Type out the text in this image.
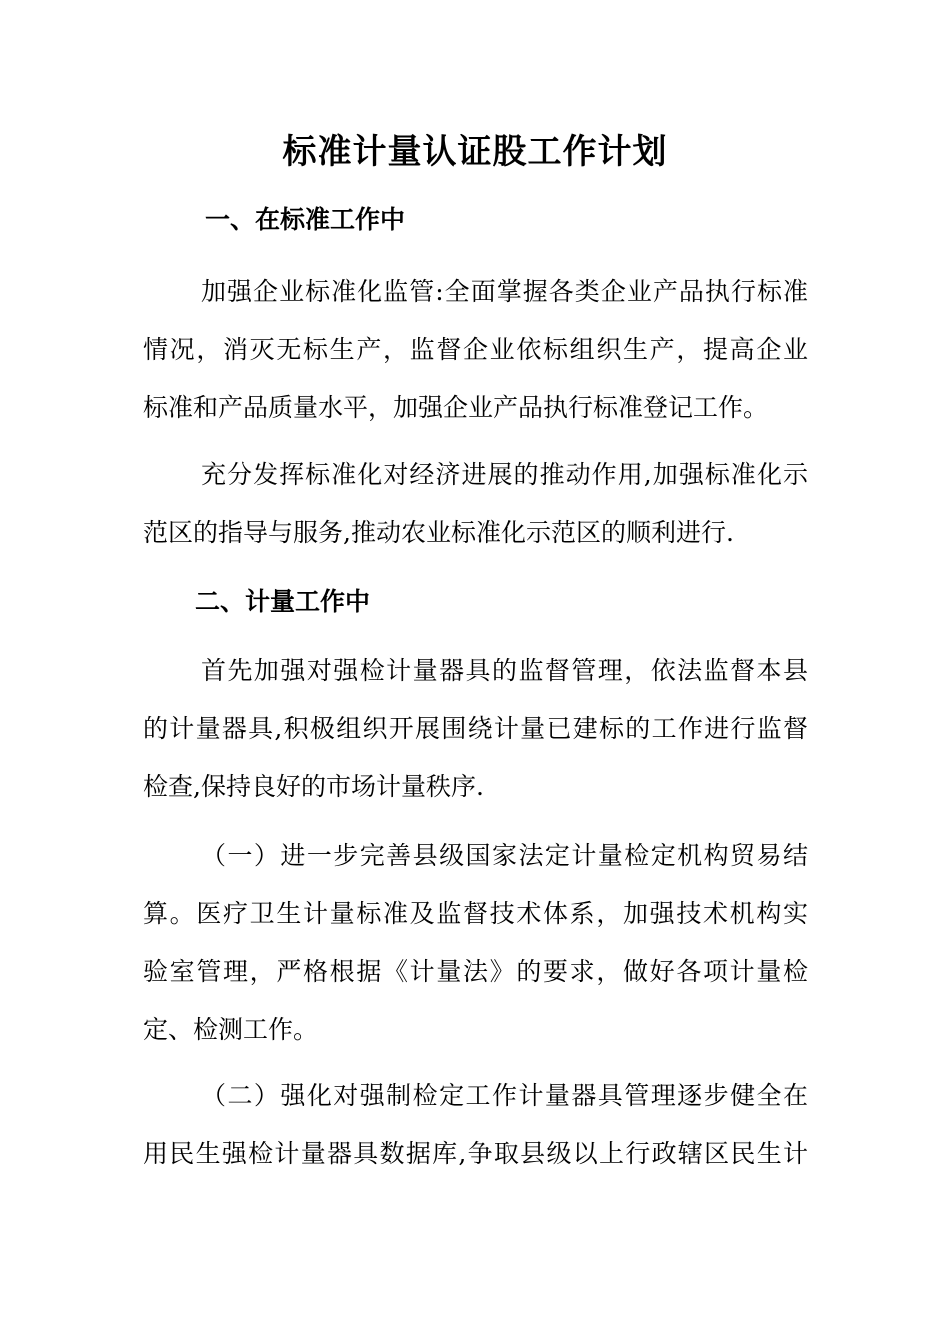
标准计量认证股工作计划
一、在标准工作中
加强企业标准化监管:全面掌握各类企业产品执行标准
情况，消灭无标生产，监督企业依标组织生产，提高企业
标准和产品质量水平，加强企业产品执行标准登记工作。
充分发挥标准化对经济进展的推动作用,加强标准化示
范区的指导与服务,推动农业标准化示范区的顺利进行.
二、计量工作中
首先加强对强检计量器具的监督管理，依法监督本县
的计量器具,积极组织开展围绕计量已建标的工作进行监督
检查,保持良好的市场计量秩序.
（一）进一步完善县级国家法定计量检定机构贸易结
算。医疗卫生计量标准及监督技术体系，加强技术机构实
验室管理，严格根据《计量法》的要求，做好各项计量检
定、检测工作。
（二）强化对强制检定工作计量器具管理逐步健全在
用民生强检计量器具数据库,争取县级以上行政辖区民生计
